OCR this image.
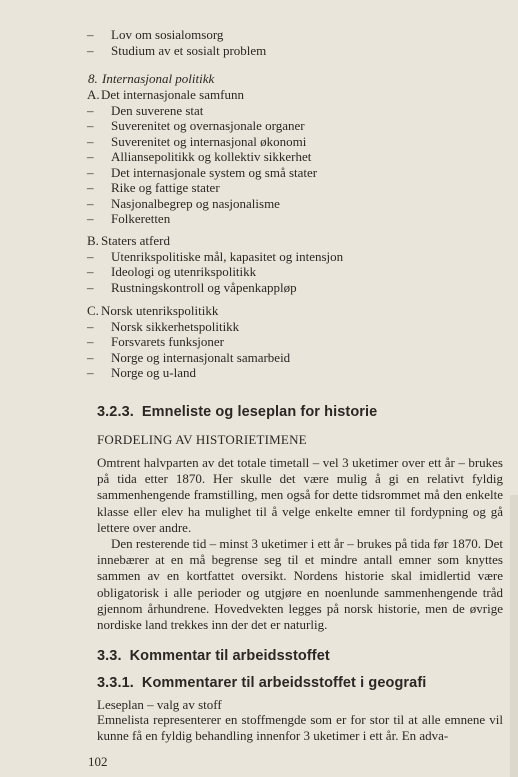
– Lov om sosialomsorg
– Studium av et sosialt problem
8. Internasjonal politikk
A.Det internasjonale samfunn
– Den suverene stat
– Suverenitet og overnasjonale organer
– Suverenitet og internasjonal økonomi
– Alliansepolitikk og kollektiv sikkerhet
– Det internasjonale system og små stater
– Rike og fattige stater
– Nasjonalbegrep og nasjonalisme
– Folkeretten
B. Staters atferd
– Utenrikspolitiske mål, kapasitet og intensjon
– Ideologi og utenrikspolitikk
– Rustningskontroll og våpenkappløp
C. Norsk utenrikspolitikk
– Norsk sikkerhetspolitikk
– Forsvarets funksjoner
– Norge og internasjonalt samarbeid
– Norge og u-land
3.2.3. Emneliste og leseplan for historie
FORDELING AV HISTORIETIMENE

Omtrent halvparten av det totale timetall – vel 3 uketimer over ett år – brukes på tida etter 1870. Her skulle det være mulig å gi en relativt fyldig sammenhengende framstilling, men også for dette tidsrommet må den enkelte klasse eller elev ha mulighet til å velge enkelte emner til fordypning og gå lettere over andre.

Den resterende tid – minst 3 uketimer i ett år – brukes på tida før 1870. Det innebærer at en må begrense seg til et mindre antall emner som knyttes sammen av en kortfattet oversikt. Nordens historie skal imidlertid være obligatorisk i alle perioder og utgjøre en noenlunde sammenhengende tråd gjennom århundrene. Hovedvekten legges på norsk historie, men de øvrige nordiske land trekkes inn der det er naturlig.

3.3. Kommentar til arbeidsstoffet
3.3.1. Kommentarer til arbeidsstoffet i geografi
Leseplan – valg av stoff

Emnelista representerer en stoffmengde som er for stor til at alle emnene vil kunne få en fyldig behandling innenfor 3 uketimer i ett år. En adva-

102
